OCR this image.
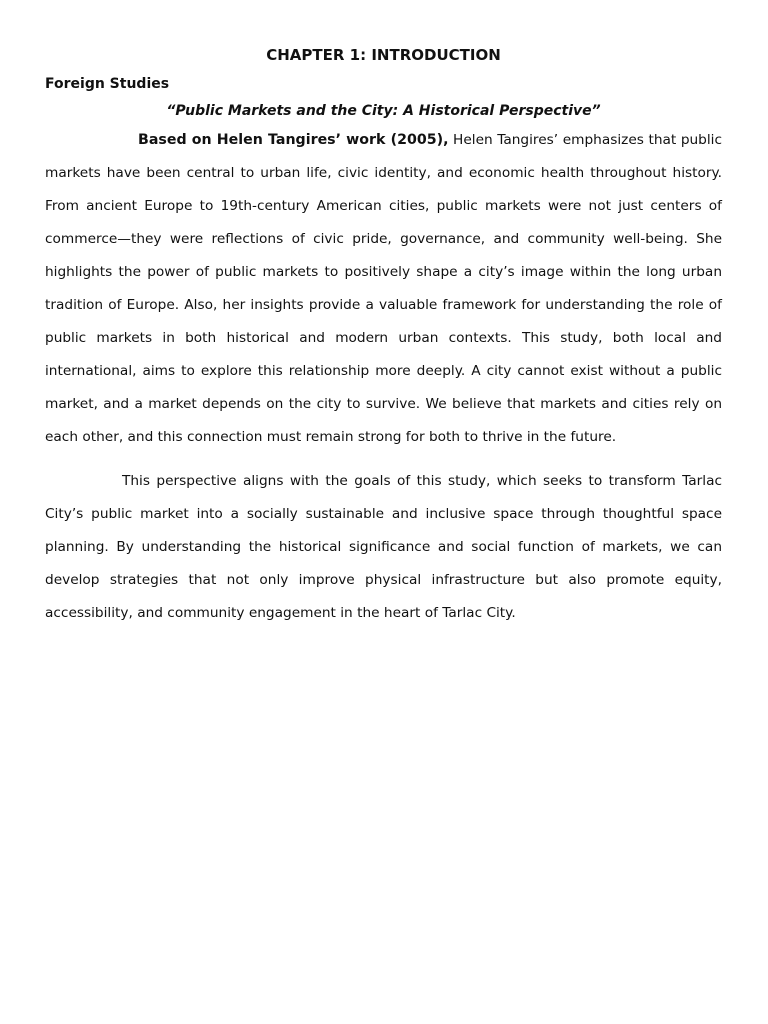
CHAPTER 1: INTRODUCTION
Foreign Studies
“Public Markets and the City: A Historical Perspective”

Based on Helen Tangires’ work (2005), Helen Tangires’ emphasizes that public markets have been central to urban life, civic identity, and economic health throughout history. From ancient Europe to 19th-century American cities, public markets were not just centers of commerce—they were reflections of civic pride, governance, and community well-being. She highlights the power of public markets to positively shape a city’s image within the long urban tradition of Europe. Also, her insights provide a valuable framework for understanding the role of public markets in both historical and modern urban contexts. This study, both local and international, aims to explore this relationship more deeply. A city cannot exist without a public market, and a market depends on the city to survive. We believe that markets and cities rely on each other, and this connection must remain strong for both to thrive in the future.

This perspective aligns with the goals of this study, which seeks to transform Tarlac City’s public market into a socially sustainable and inclusive space through thoughtful space planning. By understanding the historical significance and social function of markets, we can develop strategies that not only improve physical infrastructure but also promote equity, accessibility, and community engagement in the heart of Tarlac City.
